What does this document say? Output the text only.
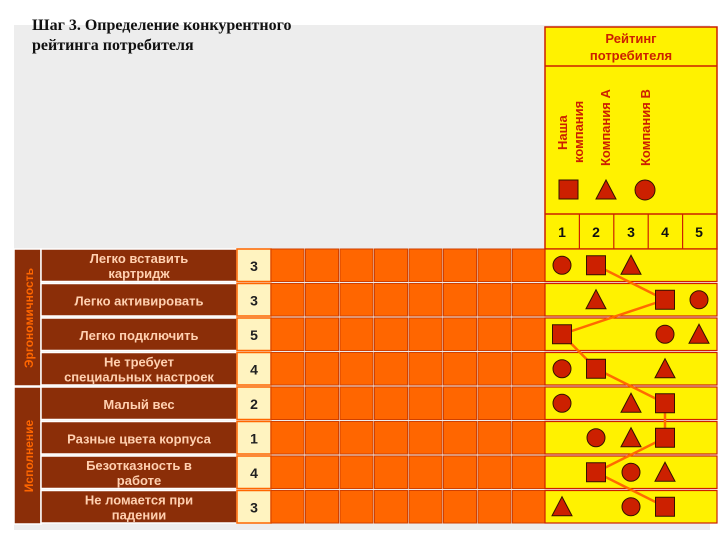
Шаг 3. Определение конкурентного
рейтинга потребителя	Рейтинг
потребителя
Наша компания Компания А Компания В
1 2 3 4 5
Эргономичность
Исполнение
Легко вставить
картридж	3
Легко активировать	3
Легко подключить	5
Не требует
специальных настроек	4
Малый вес	2
Разные цвета корпуса	1
Безотказность в
работе	4
Не ломается при
падении	3
